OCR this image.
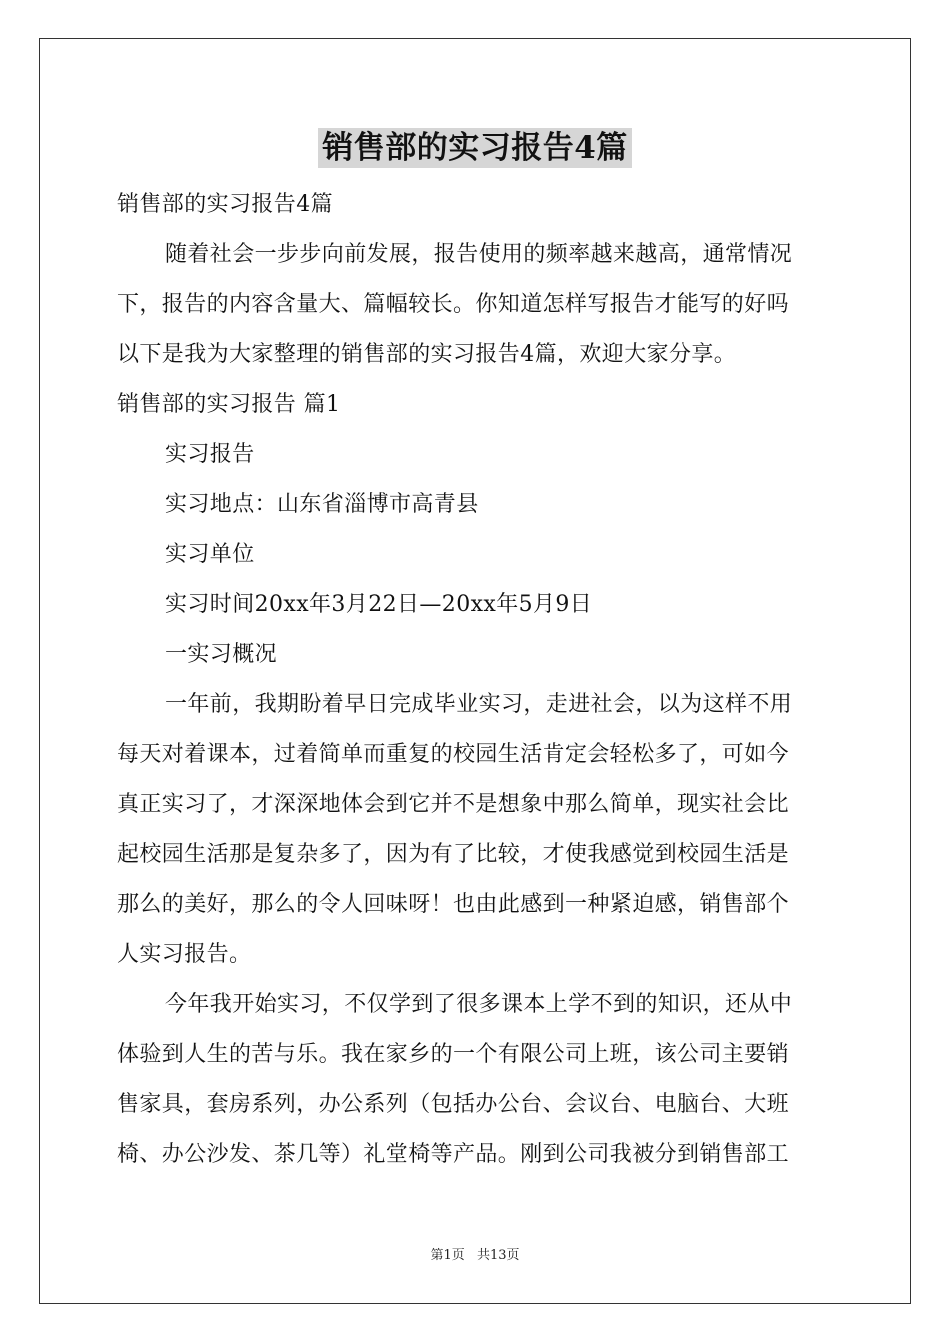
销售部的实习报告4篇
销售部的实习报告4篇
随着社会一步步向前发展，报告使用的频率越来越高，通常情况
下，报告的内容含量大、篇幅较长。你知道怎样写报告才能写的好吗
以下是我为大家整理的销售部的实习报告4篇，欢迎大家分享。
销售部的实习报告 篇1
实习报告
实习地点：山东省淄博市高青县
实习单位
实习时间20xx年3月22日—20xx年5月9日
一实习概况
一年前，我期盼着早日完成毕业实习，走进社会，以为这样不用
每天对着课本，过着简单而重复的校园生活肯定会轻松多了，可如今
真正实习了，才深深地体会到它并不是想象中那么简单，现实社会比
起校园生活那是复杂多了，因为有了比较，才使我感觉到校园生活是
那么的美好，那么的令人回味呀！也由此感到一种紧迫感，销售部个
人实习报告。
今年我开始实习，不仅学到了很多课本上学不到的知识，还从中
体验到人生的苦与乐。我在家乡的一个有限公司上班，该公司主要销
售家具，套房系列，办公系列（包括办公台、会议台、电脑台、大班
椅、办公沙发、茶几等）礼堂椅等产品。刚到公司我被分到销售部工
第1页 共13页
